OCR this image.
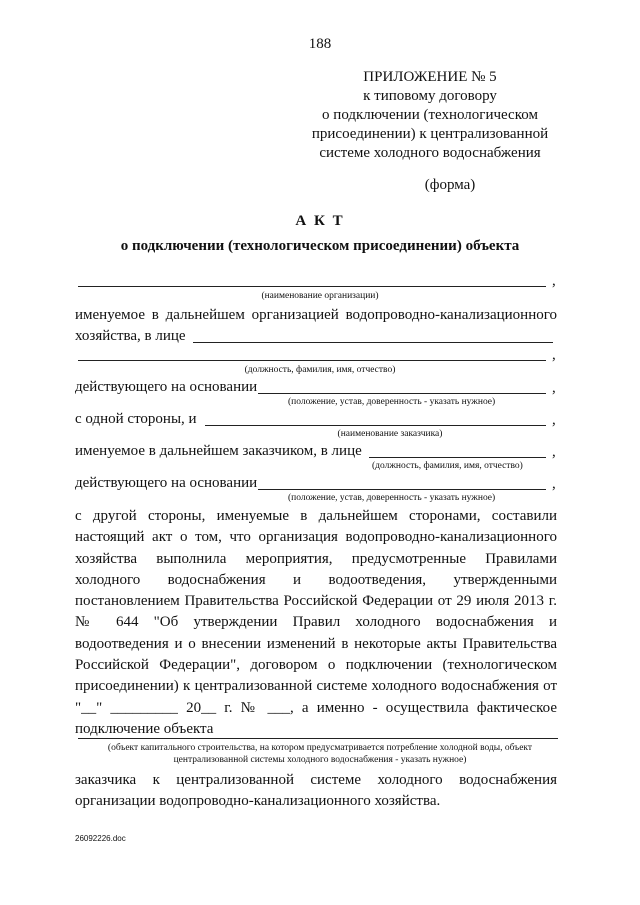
188
ПРИЛОЖЕНИЕ № 5
к типовому договору
о подключении (технологическом
присоединении) к централизованной
системе холодного водоснабжения
(форма)
А К Т
о подключении (технологическом присоединении) объекта
,
(наименование организации)
именуемое в дальнейшем организацией водопроводно-канализационного
хозяйства, в лице
,
(должность, фамилия, имя, отчество)
действующего на основании	,
(положение, устав, доверенность - указать нужное)
с одной стороны, и	,
(наименование заказчика)
именуемое в дальнейшем заказчиком, в лице	,
(должность, фамилия, имя, отчество)
действующего на основании	,
(положение, устав, доверенность - указать нужное)
с другой стороны, именуемые в дальнейшем сторонами, составили
настоящий акт о том, что организация водопроводно-канализационного
хозяйства выполнила мероприятия, предусмотренные Правилами
холодного водоснабжения и водоотведения, утвержденными
постановлением Правительства Российской Федерации от 29 июля 2013 г.
№ 644 "Об утверждении Правил холодного водоснабжения и
водоотведения и о внесении изменений в некоторые акты Правительства
Российской Федерации", договором о подключении (технологическом
присоединении) к централизованной системе холодного водоснабжения от
"__" _________ 20__ г. № ___, а именно - осуществила фактическое
подключение объекта
(объект капитального строительства, на котором предусматривается потребление холодной воды, объект
централизованной системы холодного водоснабжения - указать нужное)
заказчика к централизованной системе холодного водоснабжения
организации водопроводно-канализационного хозяйства.
26092226.doc
